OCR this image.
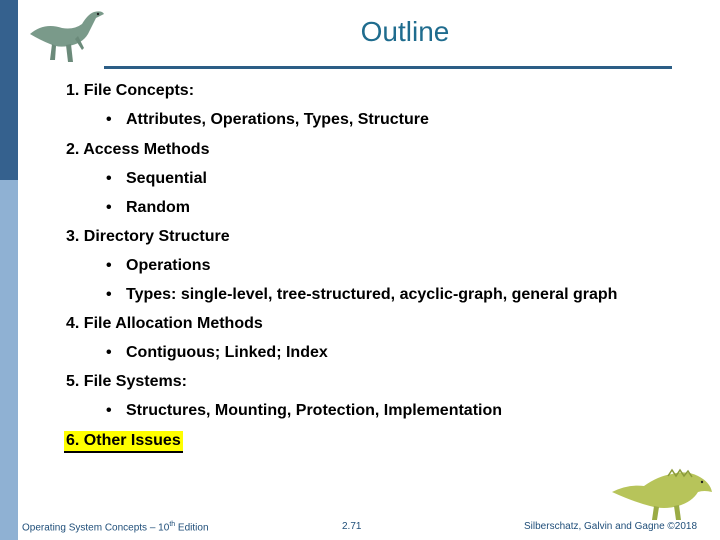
Outline
1. File Concepts:
• Attributes, Operations, Types, Structure
2. Access Methods
• Sequential
• Random
3. Directory Structure
• Operations
• Types: single-level, tree-structured, acyclic-graph, general graph
4. File Allocation Methods
• Contiguous; Linked; Index
5. File Systems:
• Structures, Mounting, Protection, Implementation
6. Other Issues
Operating System Concepts – 10th Edition	2.71	Silberschatz, Galvin and Gagne ©2018
